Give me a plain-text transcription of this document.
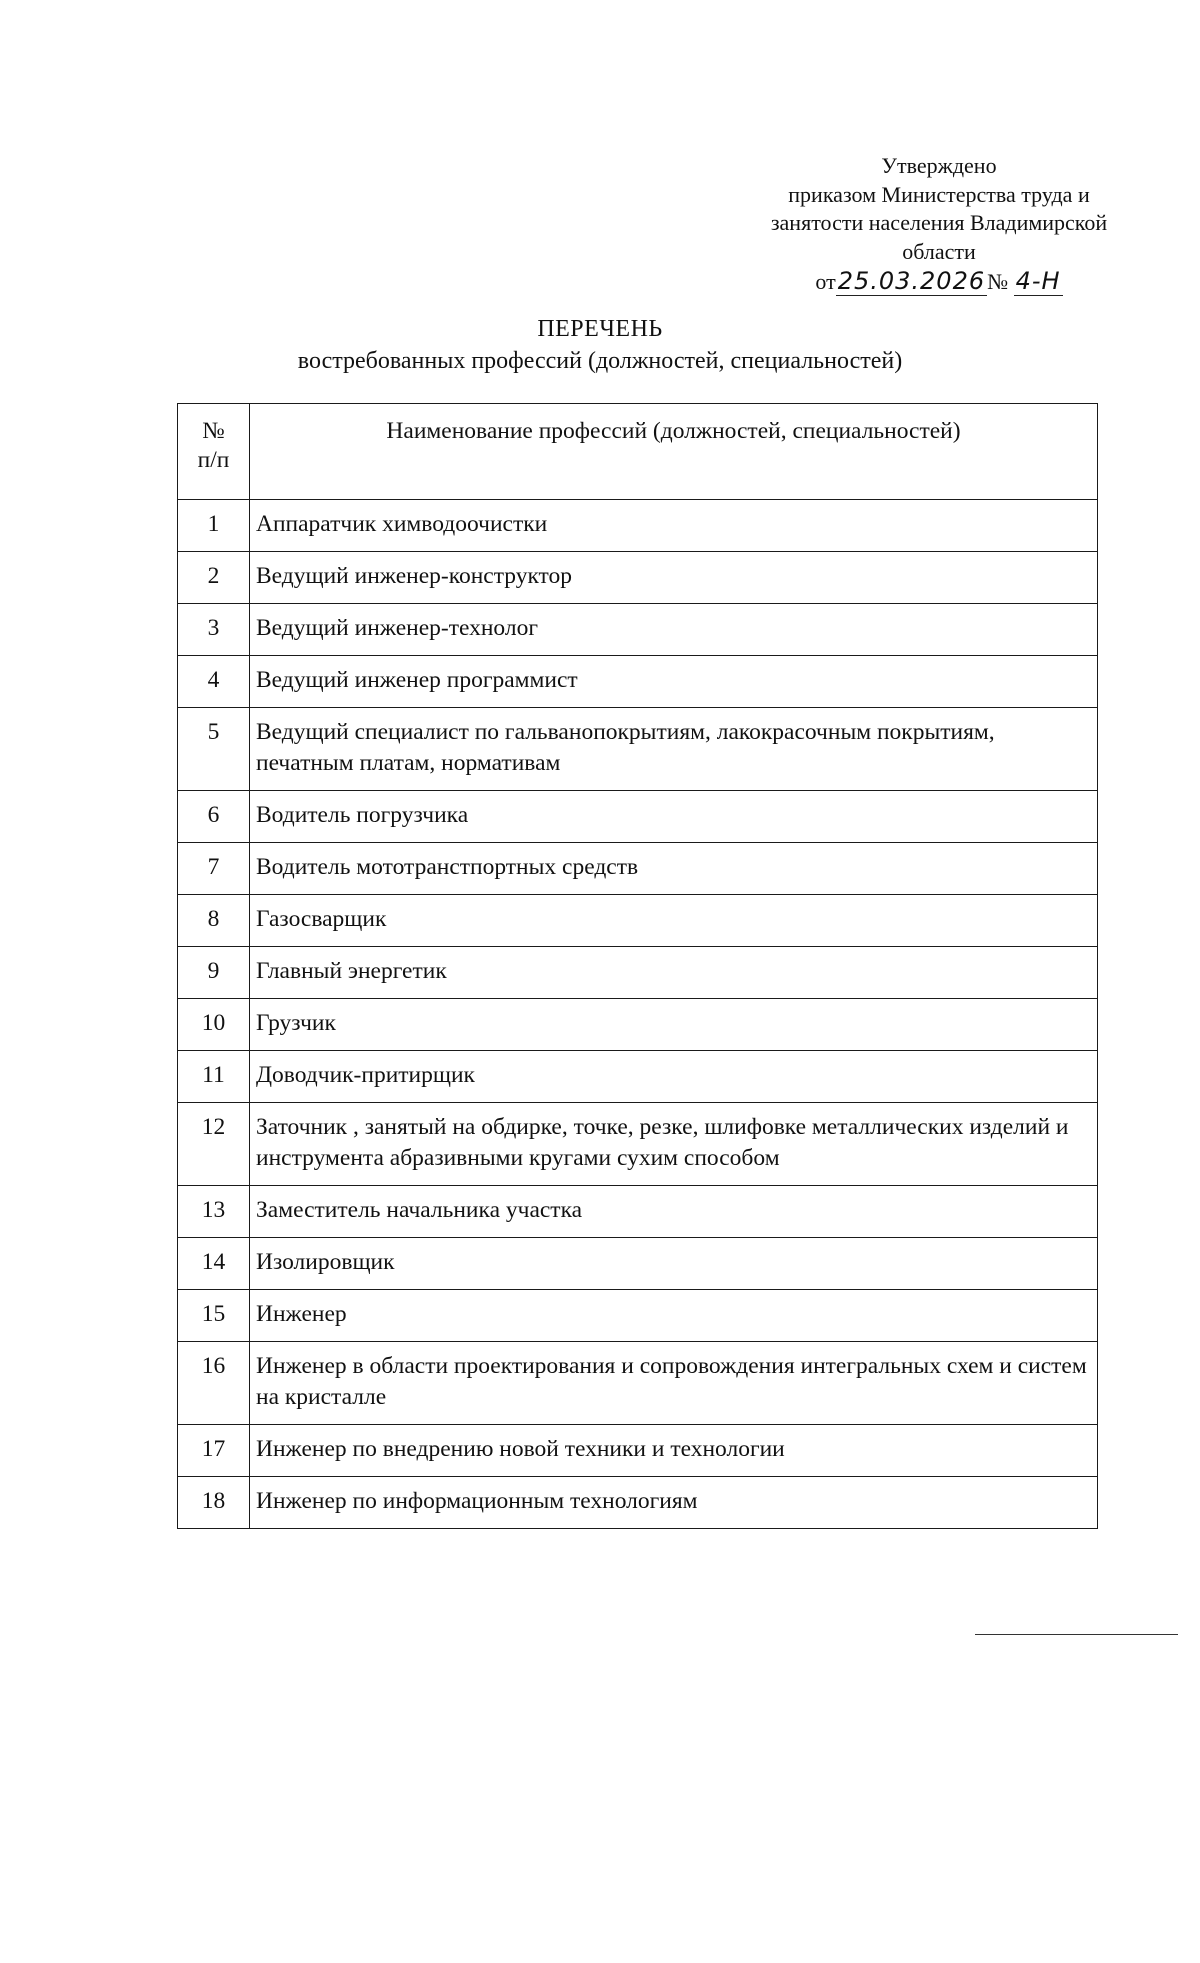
Утверждено
приказом Министерства труда и
занятости населения Владимирской
области
от25.03.2026№ 4-Н
ПЕРЕЧЕНЬ
востребованных профессий (должностей, специальностей)
№
п/п	Наименование профессий (должностей, специальностей)
1	Аппаратчик химводоочистки
2	Ведущий инженер-конструктор
3	Ведущий инженер-технолог
4	Ведущий инженер программист
5	Ведущий специалист по гальванопокрытиям, лакокрасочным покрытиям, печатным платам, нормативам
6	Водитель погрузчика
7	Водитель мототранстпортных средств
8	Газосварщик
9	Главный энергетик
10	Грузчик
11	Доводчик-притирщик
12	Заточник , занятый на обдирке, точке, резке, шлифовке металлических изделий и инструмента абразивными кругами сухим способом
13	Заместитель начальника участка
14	Изолировщик
15	Инженер
16	Инженер в области проектирования и сопровождения интегральных схем и систем на кристалле
17	Инженер по внедрению новой техники и технологии
18	Инженер по информационным технологиям
